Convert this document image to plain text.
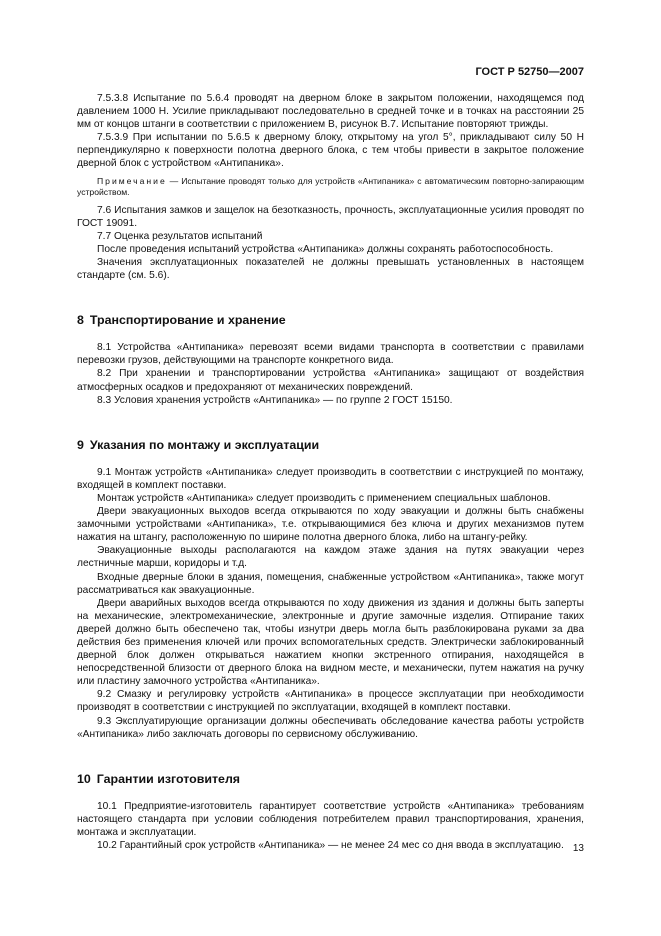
ГОСТ Р 52750—2007

7.5.3.8 Испытание по 5.6.4 проводят на дверном блоке в закрытом положении, находящемся под давлением 1000 Н. Усилие прикладывают последовательно в средней точке и в точках на расстоянии 25 мм от концов штанги в соответствии с приложением В, рисунок В.7. Испытание повторяют трижды.

7.5.3.9 При испытании по 5.6.5 к дверному блоку, открытому на угол 5°, прикладывают силу 50 Н перпендикулярно к поверхности полотна дверного блока, с тем чтобы привести в закрытое положение дверной блок с устройством «Антипаника».

Примечание — Испытание проводят только для устройств «Антипаника» с автоматическим повторно-запирающим устройством.

7.6 Испытания замков и защелок на безотказность, прочность, эксплуатационные усилия проводят по ГОСТ 19091.

7.7 Оценка результатов испытаний

После проведения испытаний устройства «Антипаника» должны сохранять работоспособность.

Значения эксплуатационных показателей не должны превышать установленных в настоящем стандарте (см. 5.6).

8 Транспортирование и хранение

8.1 Устройства «Антипаника» перевозят всеми видами транспорта в соответствии с правилами перевозки грузов, действующими на транспорте конкретного вида.

8.2 При хранении и транспортировании устройства «Антипаника» защищают от воздействия атмосферных осадков и предохраняют от механических повреждений.

8.3 Условия хранения устройств «Антипаника» — по группе 2 ГОСТ 15150.

9 Указания по монтажу и эксплуатации

9.1 Монтаж устройств «Антипаника» следует производить в соответствии с инструкцией по монтажу, входящей в комплект поставки.

Монтаж устройств «Антипаника» следует производить с применением специальных шаблонов.

Двери эвакуационных выходов всегда открываются по ходу эвакуации и должны быть снабжены замочными устройствами «Антипаника», т.е. открывающимися без ключа и других механизмов путем нажатия на штангу, расположенную по ширине полотна дверного блока, либо на штангу-рейку.

Эвакуационные выходы располагаются на каждом этаже здания на путях эвакуации через лестничные марши, коридоры и т.д.

Входные дверные блоки в здания, помещения, снабженные устройством «Антипаника», также могут рассматриваться как эвакуационные.

Двери аварийных выходов всегда открываются по ходу движения из здания и должны быть заперты на механические, электромеханические, электронные и другие замочные изделия. Отпирание таких дверей должно быть обеспечено так, чтобы изнутри дверь могла быть разблокирована руками за два действия без применения ключей или прочих вспомогательных средств. Электрически заблокированный дверной блок должен открываться нажатием кнопки экстренного отпирания, находящейся в непосредственной близости от дверного блока на видном месте, и механически, путем нажатия на ручку или пластину замочного устройства «Антипаника».

9.2 Смазку и регулировку устройств «Антипаника» в процессе эксплуатации при необходимости производят в соответствии с инструкцией по эксплуатации, входящей в комплект поставки.

9.3 Эксплуатирующие организации должны обеспечивать обследование качества работы устройств «Антипаника» либо заключать договоры по сервисному обслуживанию.

10 Гарантии изготовителя

10.1 Предприятие-изготовитель гарантирует соответствие устройств «Антипаника» требованиям настоящего стандарта при условии соблюдения потребителем правил транспортирования, хранения, монтажа и эксплуатации.

10.2 Гарантийный срок устройств «Антипаника» — не менее 24 мес со дня ввода в эксплуатацию. 13
